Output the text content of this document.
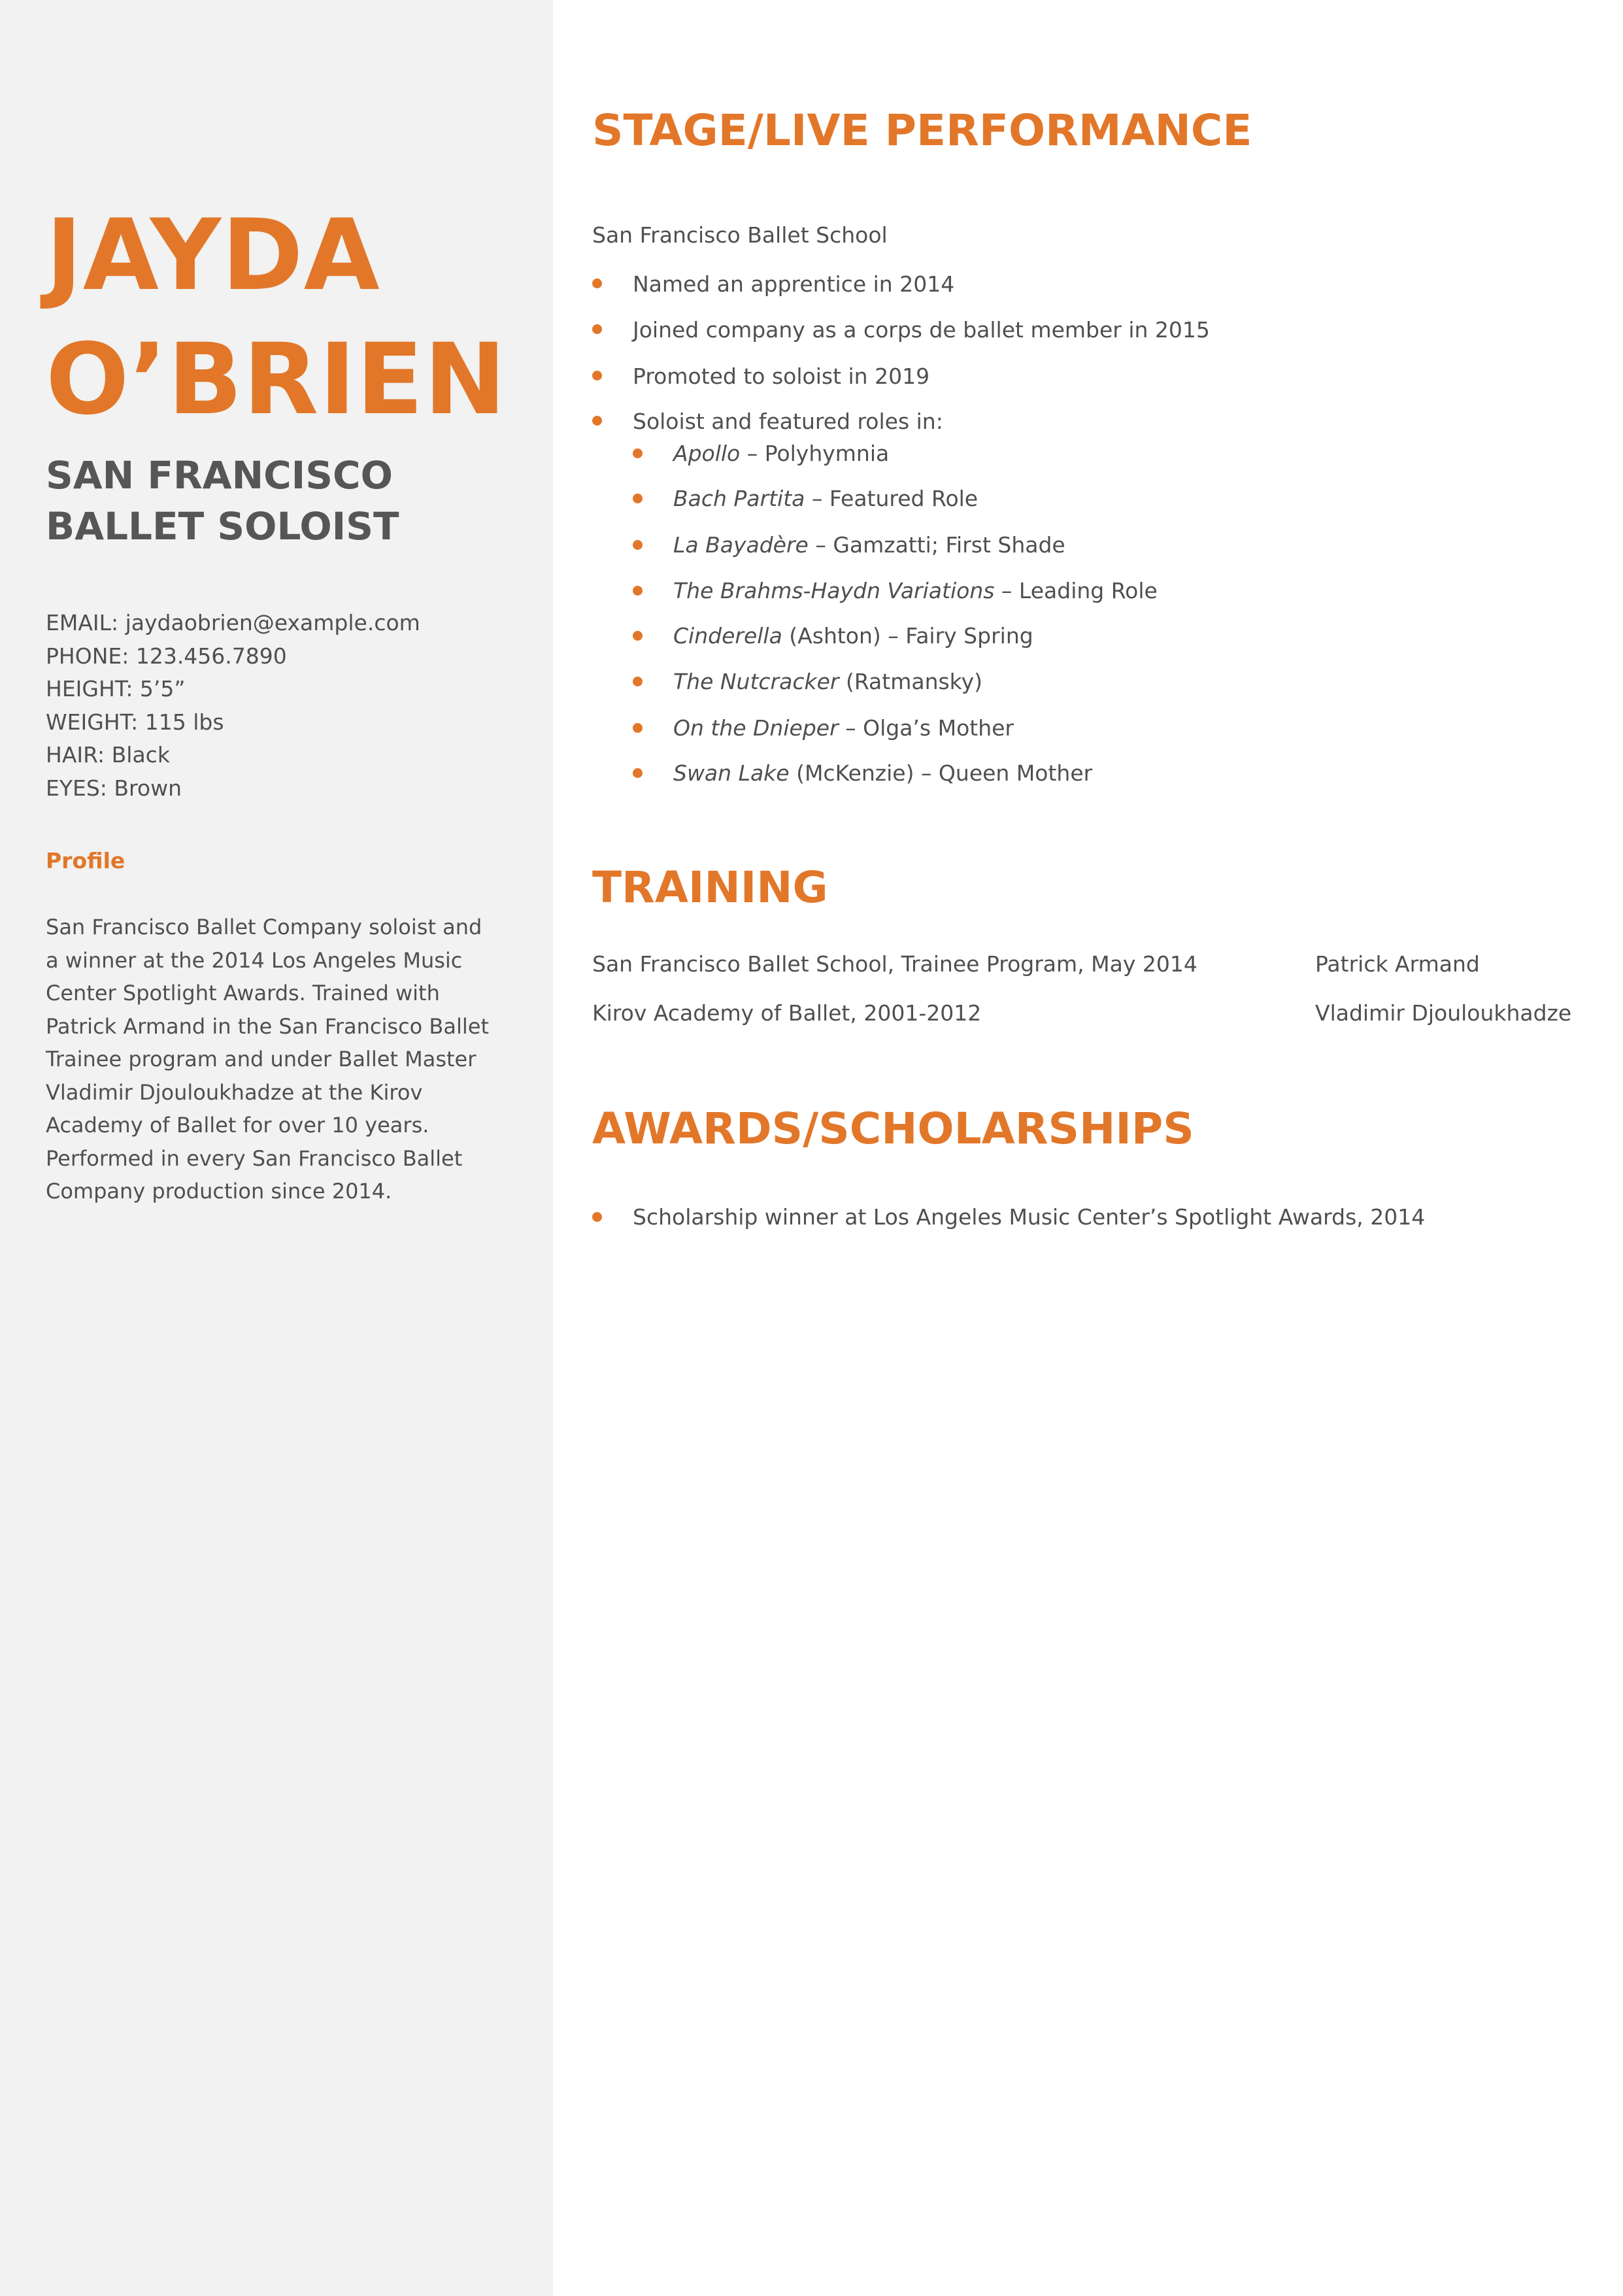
JAYDA
O’BRIEN
SAN FRANCISCO
BALLET SOLOIST
EMAIL: jaydaobrien@example.com
PHONE: 123.456.7890
HEIGHT: 5’5”
WEIGHT: 115 lbs
HAIR: Black
EYES: Brown
Profile

San Francisco Ballet Company soloist and
a winner at the 2014 Los Angeles Music
Center Spotlight Awards. Trained with
Patrick Armand in the San Francisco Ballet
Trainee program and under Ballet Master
Vladimir Djouloukhadze at the Kirov
Academy of Ballet for over 10 years.
Performed in every San Francisco Ballet
Company production since 2014.

STAGE/LIVE PERFORMANCE

San Francisco Ballet School

Named an apprentice in 2014

Joined company as a corps de ballet member in 2015

Promoted to soloist in 2019

Soloist and featured roles in:

Apollo – Polyhymnia

Bach Partita – Featured Role

La Bayadère – Gamzatti; First Shade

The Brahms-Haydn Variations – Leading Role

Cinderella (Ashton) – Fairy Spring

The Nutcracker (Ratmansky)

On the Dnieper – Olga’s Mother

Swan Lake (McKenzie) – Queen Mother

TRAINING

San Francisco Ballet School, Trainee Program, May 2014	Patrick Armand

Kirov Academy of Ballet, 2001-2012	Vladimir Djouloukhadze

AWARDS/SCHOLARSHIPS

Scholarship winner at Los Angeles Music Center’s Spotlight Awards, 2014
